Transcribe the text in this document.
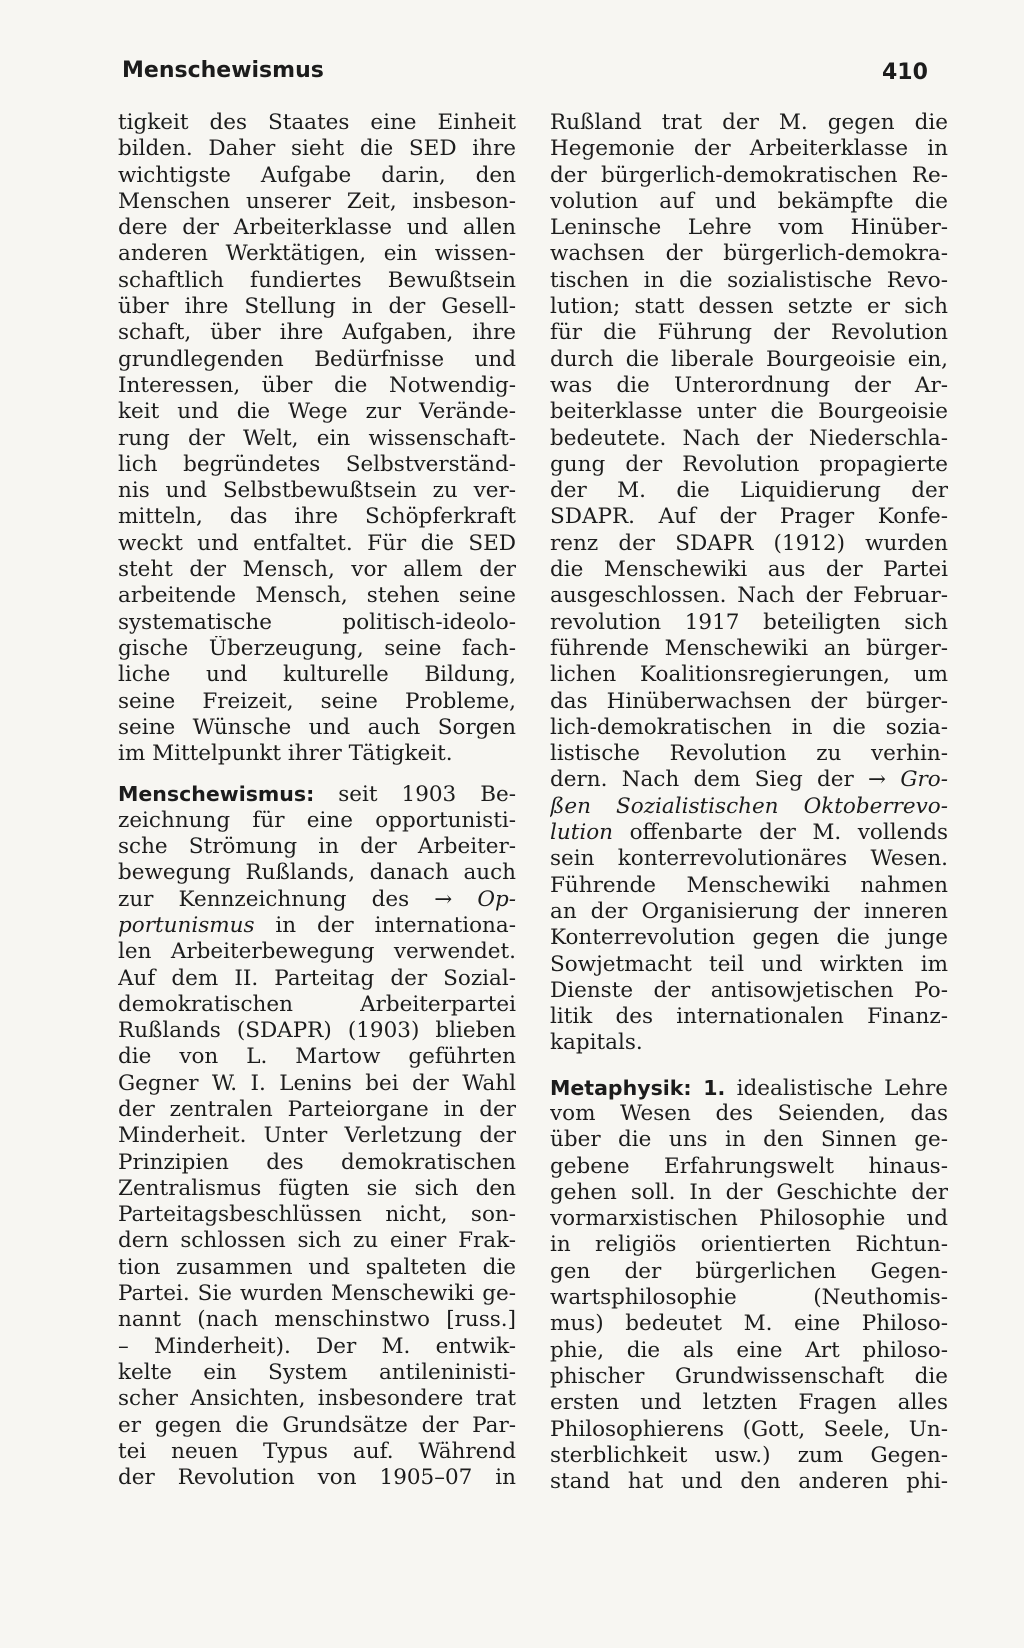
Menschewismus	410
tigkeit des Staates eine Einheit
bilden. Daher sieht die SED ihre
wichtigste Aufgabe darin, den
Menschen unserer Zeit, insbeson-
dere der Arbeiterklasse und allen
anderen Werktätigen, ein wissen-
schaftlich fundiertes Bewußtsein
über ihre Stellung in der Gesell-
schaft, über ihre Aufgaben, ihre
grundlegenden Bedürfnisse und
Interessen, über die Notwendig-
keit und die Wege zur Verände-
rung der Welt, ein wissenschaft-
lich begründetes Selbstverständ-
nis und Selbstbewußtsein zu ver-
mitteln, das ihre Schöpferkraft
weckt und entfaltet. Für die SED
steht der Mensch, vor allem der
arbeitende Mensch, stehen seine
systematische politisch-ideolo-
gische Überzeugung, seine fach-
liche und kulturelle Bildung,
seine Freizeit, seine Probleme,
seine Wünsche und auch Sorgen
im Mittelpunkt ihrer Tätigkeit.
Menschewismus: seit 1903 Be-
zeichnung für eine opportunisti-
sche Strömung in der Arbeiter-
bewegung Rußlands, danach auch
zur Kennzeichnung des → Op-
portunismus in der internationa-
len Arbeiterbewegung verwendet.
Auf dem II. Parteitag der Sozial-
demokratischen Arbeiterpartei
Rußlands (SDAPR) (1903) blieben
die von L. Martow geführten
Gegner W. I. Lenins bei der Wahl
der zentralen Parteiorgane in der
Minderheit. Unter Verletzung der
Prinzipien des demokratischen
Zentralismus fügten sie sich den
Parteitagsbeschlüssen nicht, son-
dern schlossen sich zu einer Frak-
tion zusammen und spalteten die
Partei. Sie wurden Menschewiki ge-
nannt (nach menschinstwo [russ.]
– Minderheit). Der M. entwik-
kelte ein System antileninisti-
scher Ansichten, insbesondere trat
er gegen die Grundsätze der Par-
tei neuen Typus auf. Während
der Revolution von 1905–07 in
Rußland trat der M. gegen die
Hegemonie der Arbeiterklasse in
der bürgerlich-demokratischen Re-
volution auf und bekämpfte die
Leninsche Lehre vom Hinüber-
wachsen der bürgerlich-demokra-
tischen in die sozialistische Revo-
lution; statt dessen setzte er sich
für die Führung der Revolution
durch die liberale Bourgeoisie ein,
was die Unterordnung der Ar-
beiterklasse unter die Bourgeoisie
bedeutete. Nach der Niederschla-
gung der Revolution propagierte
der M. die Liquidierung der
SDAPR. Auf der Prager Konfe-
renz der SDAPR (1912) wurden
die Menschewiki aus der Partei
ausgeschlossen. Nach der Februar-
revolution 1917 beteiligten sich
führende Menschewiki an bürger-
lichen Koalitionsregierungen, um
das Hinüberwachsen der bürger-
lich-demokratischen in die sozia-
listische Revolution zu verhin-
dern. Nach dem Sieg der → Gro-
ßen Sozialistischen Oktoberrevo-
lution offenbarte der M. vollends
sein konterrevolutionäres Wesen.
Führende Menschewiki nahmen
an der Organisierung der inneren
Konterrevolution gegen die junge
Sowjetmacht teil und wirkten im
Dienste der antisowjetischen Po-
litik des internationalen Finanz-
kapitals.
Metaphysik: 1. idealistische Lehre
vom Wesen des Seienden, das
über die uns in den Sinnen ge-
gebene Erfahrungswelt hinaus-
gehen soll. In der Geschichte der
vormarxistischen Philosophie und
in religiös orientierten Richtun-
gen der bürgerlichen Gegen-
wartsphilosophie (Neuthomis-
mus) bedeutet M. eine Philoso-
phie, die als eine Art philoso-
phischer Grundwissenschaft die
ersten und letzten Fragen alles
Philosophierens (Gott, Seele, Un-
sterblichkeit usw.) zum Gegen-
stand hat und den anderen phi-
